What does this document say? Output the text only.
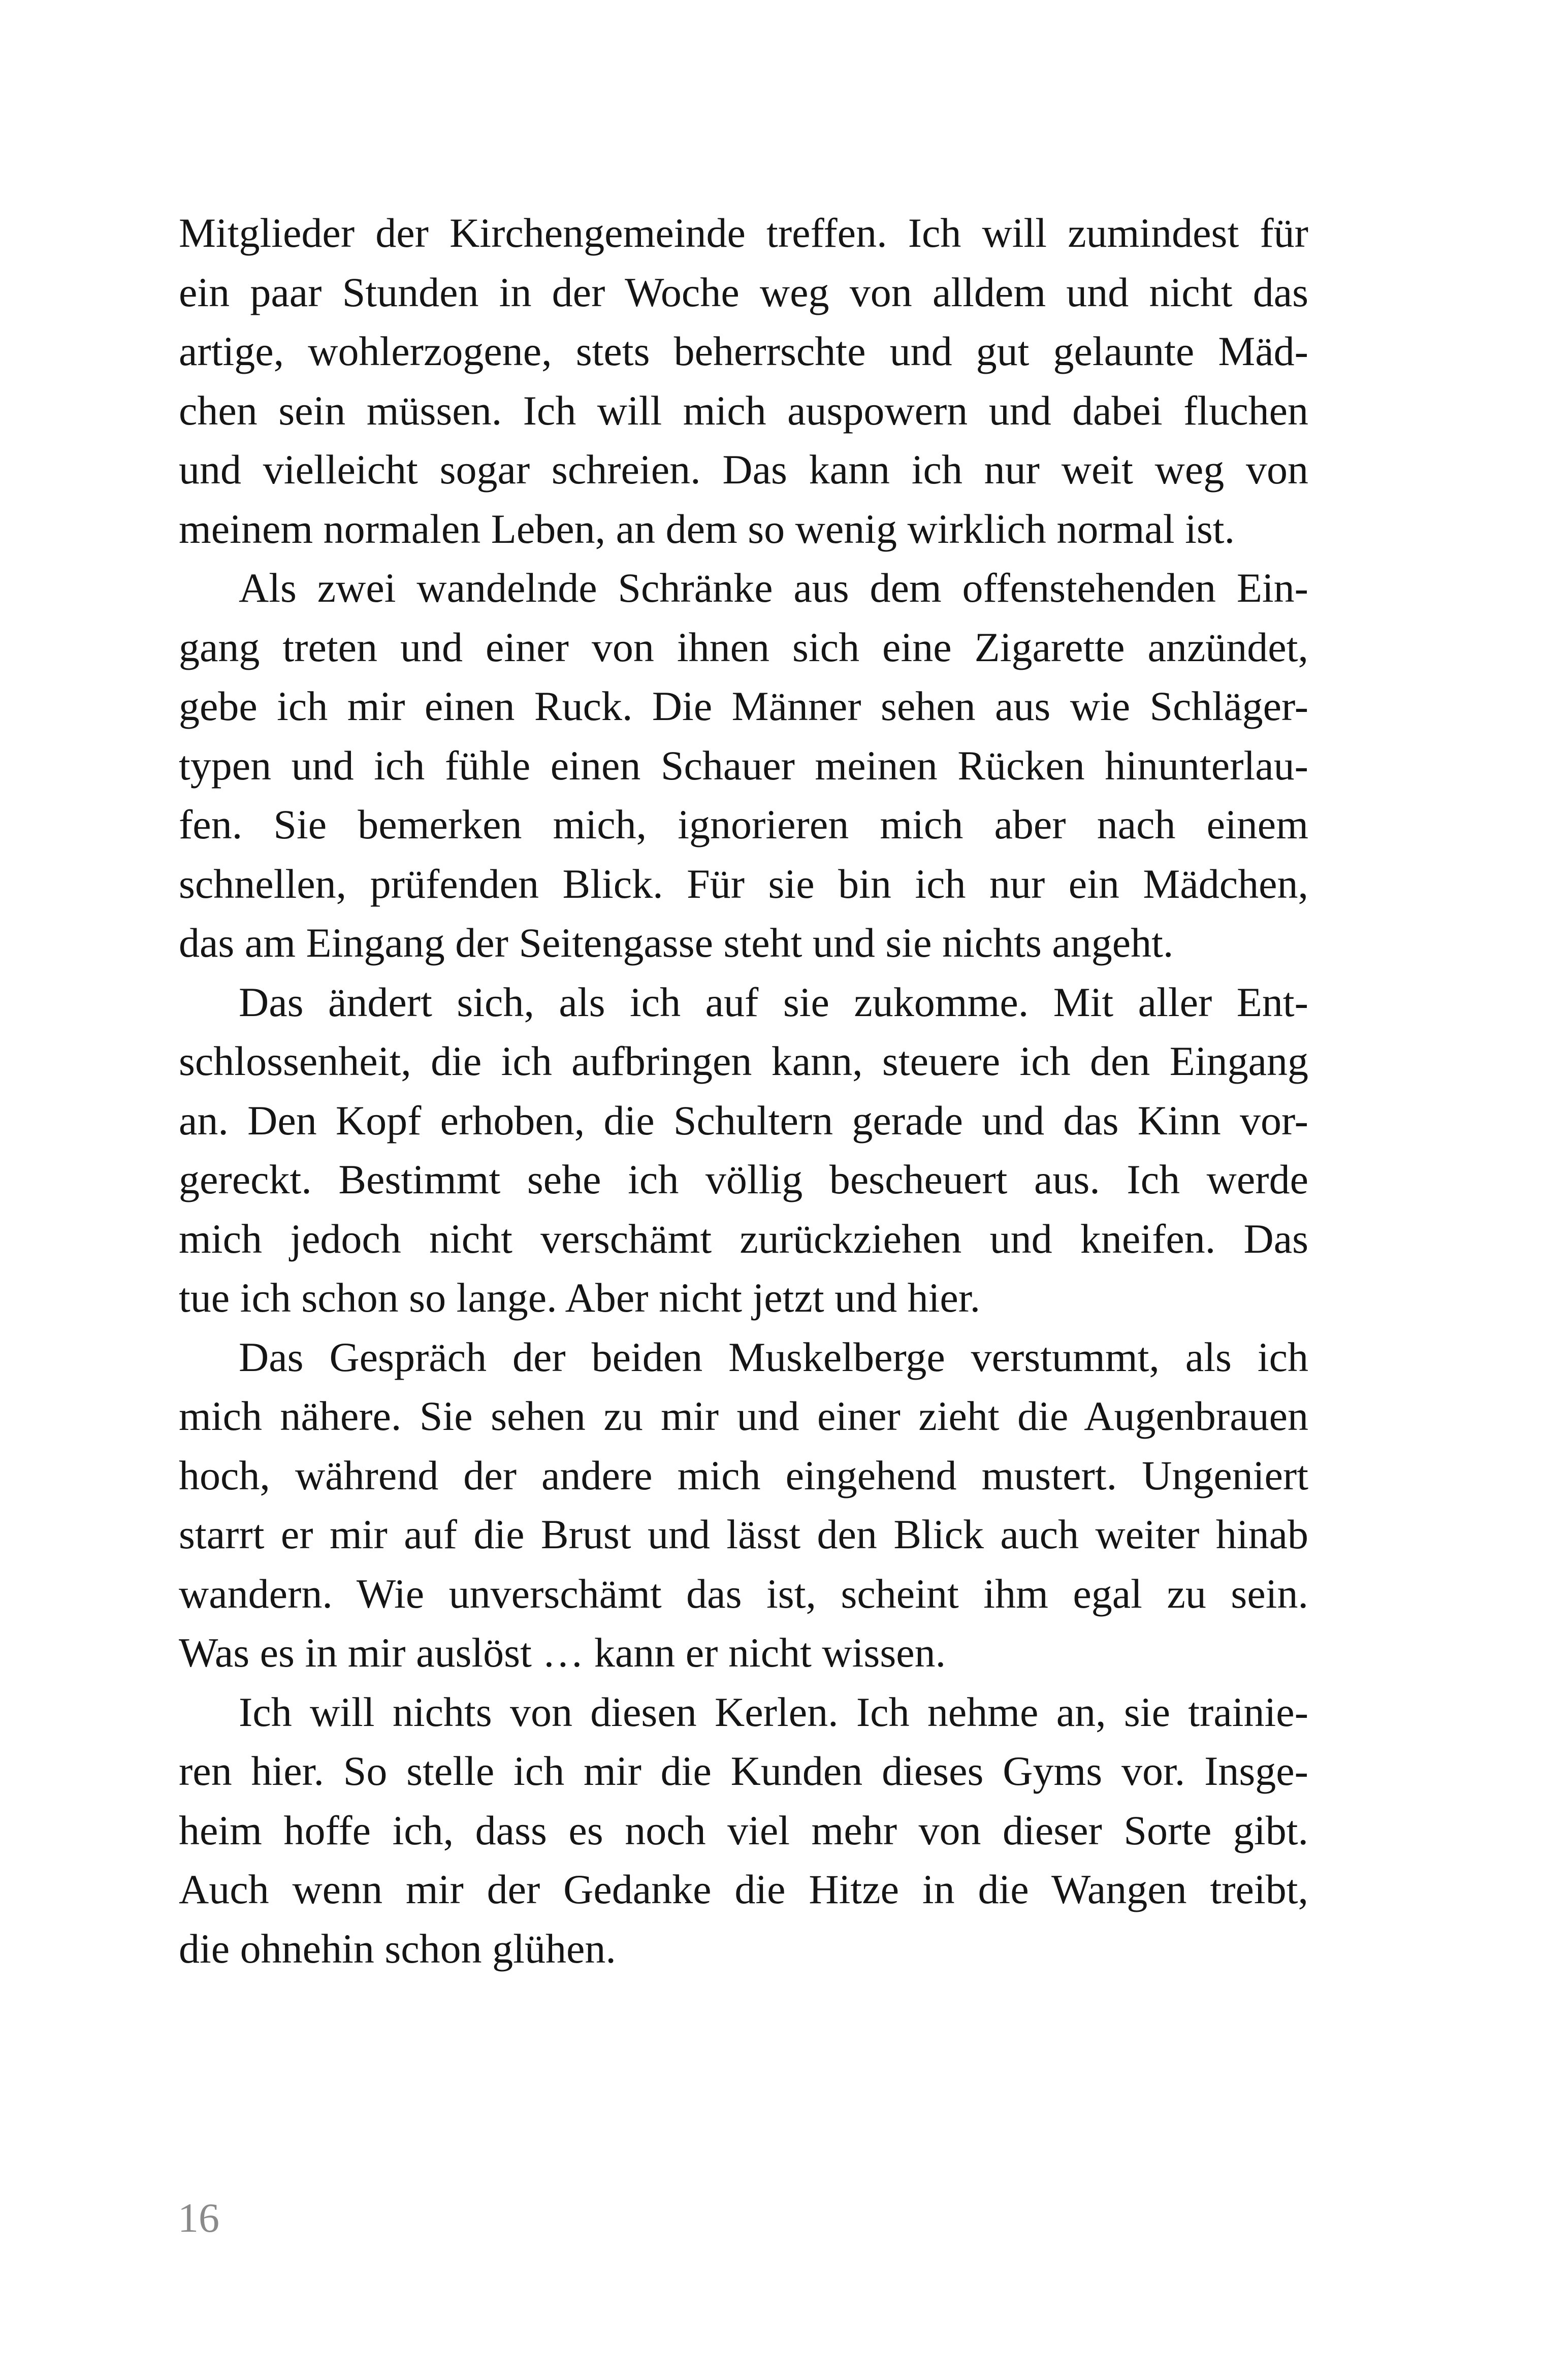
Mitglieder der Kirchengemeinde treffen. Ich will zumindest für
ein paar Stunden in der Woche weg von alldem und nicht das
artige, wohlerzogene, stets beherrschte und gut gelaunte Mäd-
chen sein müssen. Ich will mich auspowern und dabei fluchen
und vielleicht sogar schreien. Das kann ich nur weit weg von
meinem normalen Leben, an dem so wenig wirklich normal ist.
Als zwei wandelnde Schränke aus dem offenstehenden Ein-
gang treten und einer von ihnen sich eine Zigarette anzündet,
gebe ich mir einen Ruck. Die Männer sehen aus wie Schläger-
typen und ich fühle einen Schauer meinen Rücken hinunterlau-
fen. Sie bemerken mich, ignorieren mich aber nach einem
schnellen, prüfenden Blick. Für sie bin ich nur ein Mädchen,
das am Eingang der Seitengasse steht und sie nichts angeht.
Das ändert sich, als ich auf sie zukomme. Mit aller Ent-
schlossenheit, die ich aufbringen kann, steuere ich den Eingang
an. Den Kopf erhoben, die Schultern gerade und das Kinn vor-
gereckt. Bestimmt sehe ich völlig bescheuert aus. Ich werde
mich jedoch nicht verschämt zurückziehen und kneifen. Das
tue ich schon so lange. Aber nicht jetzt und hier.
Das Gespräch der beiden Muskelberge verstummt, als ich
mich nähere. Sie sehen zu mir und einer zieht die Augenbrauen
hoch, während der andere mich eingehend mustert. Ungeniert
starrt er mir auf die Brust und lässt den Blick auch weiter hinab
wandern. Wie unverschämt das ist, scheint ihm egal zu sein.
Was es in mir auslöst … kann er nicht wissen.
Ich will nichts von diesen Kerlen. Ich nehme an, sie trainie-
ren hier. So stelle ich mir die Kunden dieses Gyms vor. Insge-
heim hoffe ich, dass es noch viel mehr von dieser Sorte gibt.
Auch wenn mir der Gedanke die Hitze in die Wangen treibt,
die ohnehin schon glühen.
16
